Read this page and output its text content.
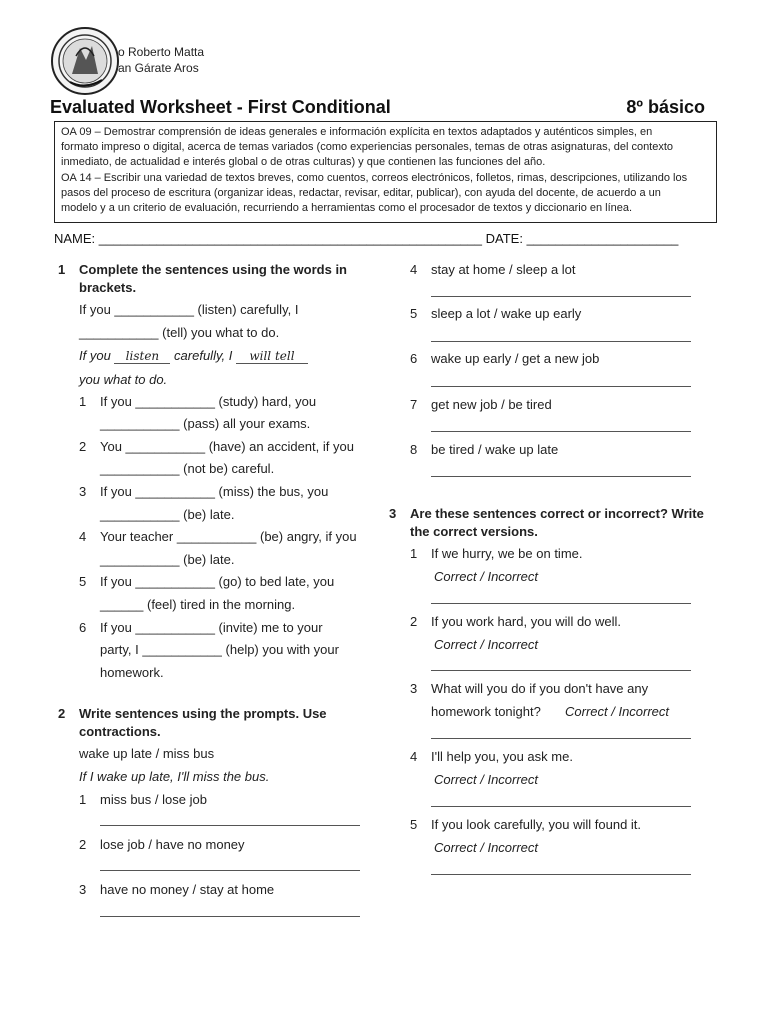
o Roberto Matta
an Gárate Aros
Evaluated Worksheet - First Conditional	8º básico

OA 09 – Demostrar comprensión de ideas generales e información explícita en textos adaptados y auténticos simples, en

formato impreso o digital, acerca de temas variados (como experiencias personales, temas de otras asignaturas, del contexto

inmediato, de actualidad e interés global o de otras culturas) y que contienen las funciones del año.

OA 14 – Escribir una variedad de textos breves, como cuentos, correos electrónicos, folletos, rimas, descripciones, utilizando los

pasos del proceso de escritura (organizar ideas, redactar, revisar, editar, publicar), con ayuda del docente, de acuerdo a un

modelo y a un criterio de evaluación, recurriendo a herramientas como el procesador de textos y diccionario en línea.

NAME: _____________________________________________________ DATE: _____________________
1 Complete the sentences using the words in
brackets.
If you ___________ (listen) carefully, I
___________ (tell) you what to do.
If you listen carefully, I will tell
you what to do.
1 If you ___________ (study) hard, you
___________ (pass) all your exams.
2 You ___________ (have) an accident, if you
___________ (not be) careful.
3 If you ___________ (miss) the bus, you
___________ (be) late.
4 Your teacher ___________ (be) angry, if you
___________ (be) late.
5 If you ___________ (go) to bed late, you
______ (feel) tired in the morning.
6 If you ___________ (invite) me to your
party, I ___________ (help) you with your
homework.
2 Write sentences using the prompts. Use
contractions.
wake up late / miss bus
If I wake up late, I'll miss the bus.
1 miss bus / lose job
2 lose job / have no money
3 have no money / stay at home
4 stay at home / sleep a lot
5 sleep a lot / wake up early
6 wake up early / get a new job
7 get new job / be tired
8 be tired / wake up late
3 Are these sentences correct or incorrect? Write
the correct versions.
1 If we hurry, we be on time.
Correct / Incorrect
2 If you work hard, you will do well.
Correct / Incorrect
3 What will you do if you don't have any
homework tonight? Correct / Incorrect
4 I'll help you, you ask me.
Correct / Incorrect
5 If you look carefully, you will found it.
Correct / Incorrect
